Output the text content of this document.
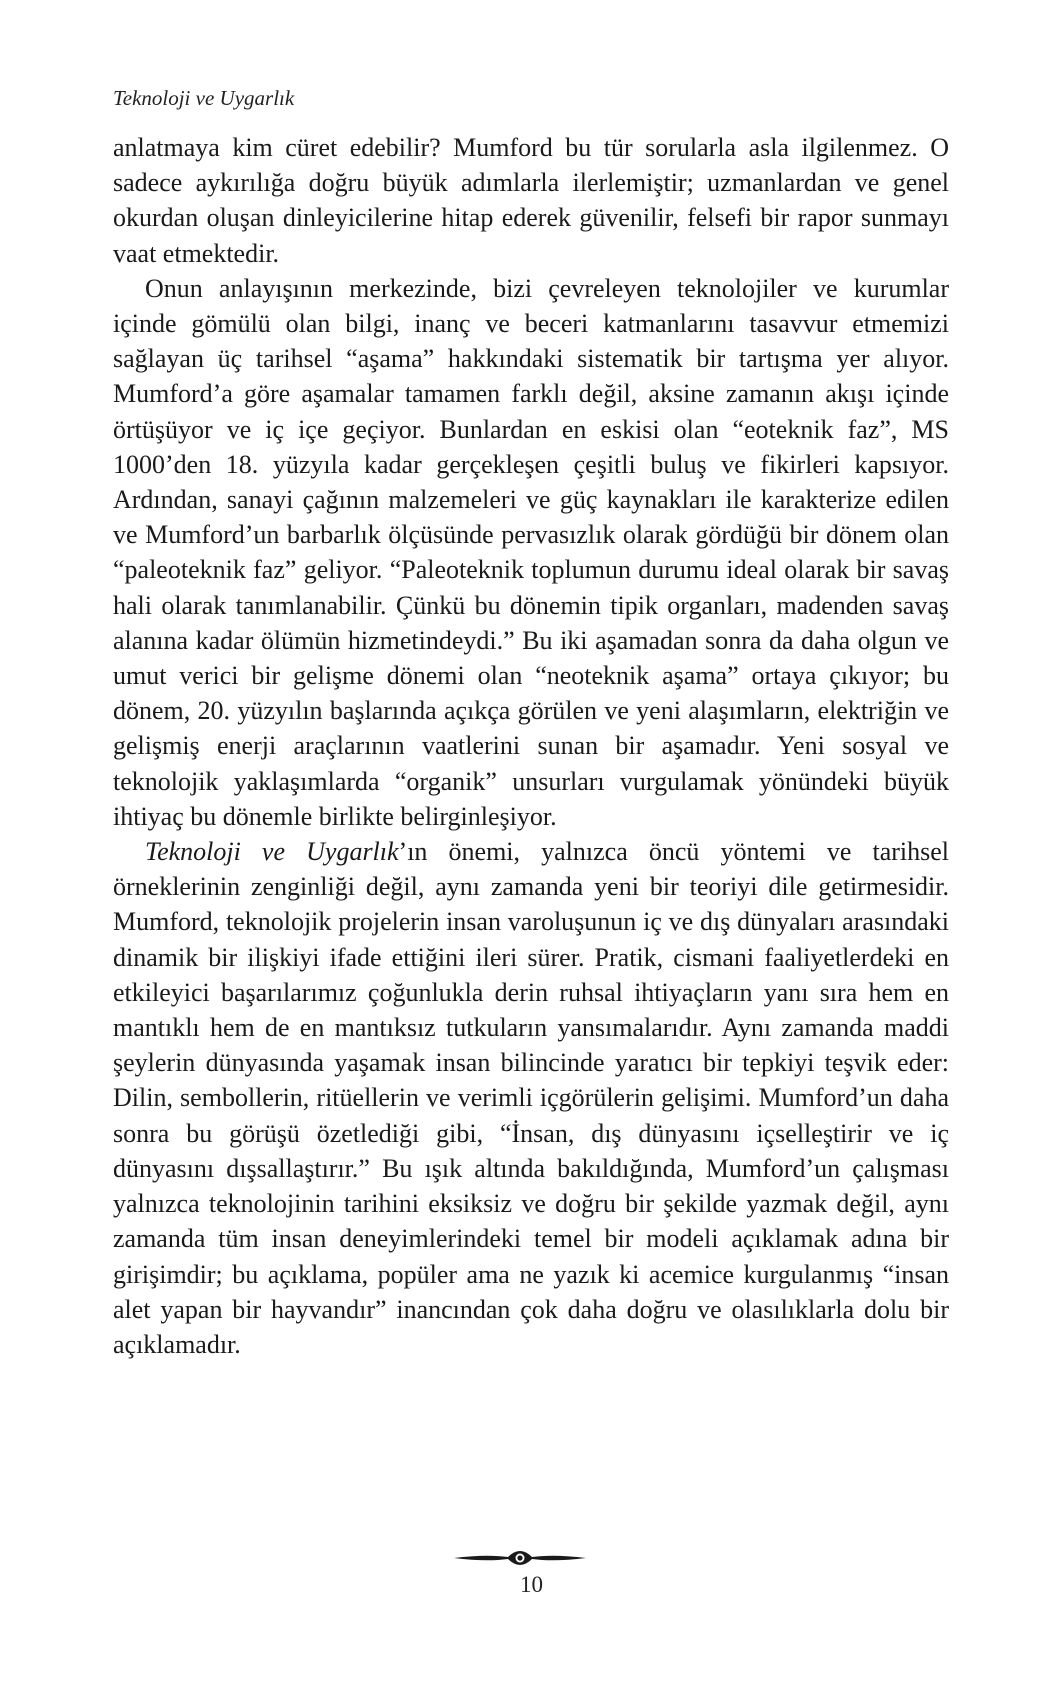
Teknoloji ve Uygarlık

anlatmaya kim cüret edebilir? Mumford bu tür sorularla asla ilgilenmez. O sadece aykırılığa doğru büyük adımlarla ilerlemiştir; uzmanlardan ve genel okurdan oluşan dinleyicilerine hitap ederek güvenilir, felsefi bir rapor sunmayı vaat etmektedir.

Onun anlayışının merkezinde, bizi çevreleyen teknolojiler ve kurumlar içinde gömülü olan bilgi, inanç ve beceri katmanlarını tasavvur etmemizi sağlayan üç tarihsel “aşama” hakkındaki sistematik bir tartışma yer alıyor. Mumford’a göre aşamalar tamamen farklı değil, aksine zamanın akışı içinde örtüşüyor ve iç içe geçiyor. Bunlardan en eskisi olan “eoteknik faz”, MS 1000’den 18. yüzyıla kadar gerçekleşen çeşitli buluş ve fikirleri kapsıyor. Ardından, sanayi çağının malzemeleri ve güç kaynakları ile karakterize edilen ve Mumford’un barbarlık ölçüsünde pervasızlık olarak gördüğü bir dönem olan “paleoteknik faz” geliyor. “Paleoteknik toplumun durumu ideal olarak bir savaş hali olarak tanımlanabilir. Çünkü bu dönemin tipik organları, madenden savaş alanına kadar ölümün hizmetindeydi.” Bu iki aşamadan sonra da daha olgun ve umut verici bir gelişme dönemi olan “neoteknik aşama” ortaya çıkıyor; bu dönem, 20. yüzyılın başlarında açıkça görülen ve yeni alaşımların, elektriğin ve gelişmiş enerji araçlarının vaatlerini sunan bir aşamadır. Yeni sosyal ve teknolojik yaklaşımlarda “organik” unsurları vurgulamak yönündeki büyük ihtiyaç bu dönemle birlikte belirginleşiyor.

Teknoloji ve Uygarlık’ın önemi, yalnızca öncü yöntemi ve tarihsel örneklerinin zenginliği değil, aynı zamanda yeni bir teoriyi dile getirmesidir. Mumford, teknolojik projelerin insan varoluşunun iç ve dış dünyaları arasındaki dinamik bir ilişkiyi ifade ettiğini ileri sürer. Pratik, cismani faaliyetlerdeki en etkileyici başarılarımız çoğunlukla derin ruhsal ihtiyaçların yanı sıra hem en mantıklı hem de en mantıksız tutkuların yansımalarıdır. Aynı zamanda maddi şeylerin dünyasında yaşamak insan bilincinde yaratıcı bir tepkiyi teşvik eder: Dilin, sembollerin, ritüellerin ve verimli içgörülerin gelişimi. Mumford’un daha sonra bu görüşü özetlediği gibi, “İnsan, dış dünyasını içselleştirir ve iç dünyasını dışsallaştırır.” Bu ışık altında bakıldığında, Mumford’un çalışması yalnızca teknolojinin tarihini eksiksiz ve doğru bir şekilde yazmak değil, aynı zamanda tüm insan deneyimlerindeki temel bir modeli açıklamak adına bir girişimdir; bu açıklama, popüler ama ne yazık ki acemice kurgulanmış “insan alet yapan bir hayvandır” inancından çok daha doğru ve olasılıklarla dolu bir açıklamadır.

10
